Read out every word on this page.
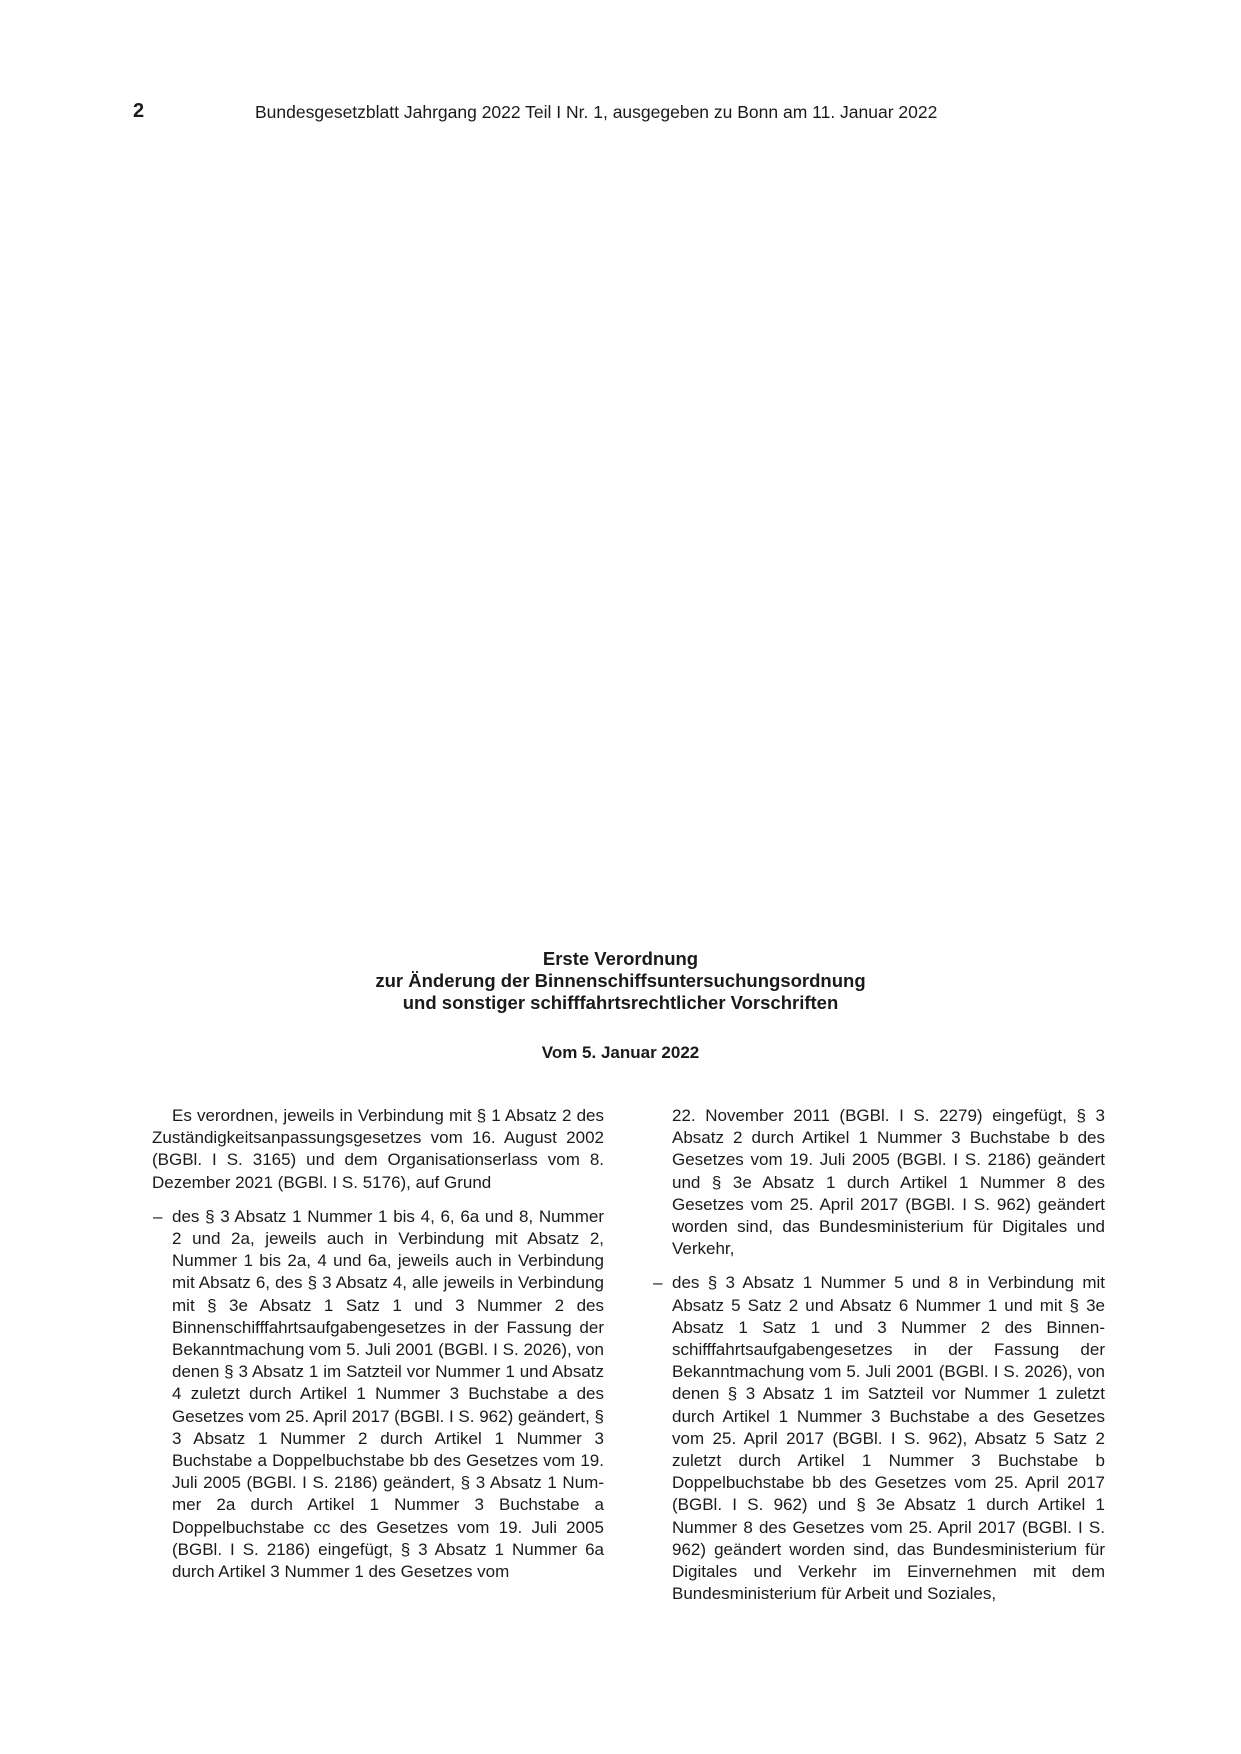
2	Bundesgesetzblatt Jahrgang 2022 Teil I Nr. 1, ausgegeben zu Bonn am 11. Januar 2022
Erste Verordnung
zur Änderung der Binnenschiffsuntersuchungsordnung
und sonstiger schifffahrtsrechtlicher Vorschriften
Vom 5. Januar 2022

Es verordnen, jeweils in Verbindung mit § 1 Absatz 2 des Zuständigkeitsanpassungsgesetzes vom 16. August 2002 (BGBl. I S. 3165) und dem Organisationserlass vom 8. Dezember 2021 (BGBl. I S. 5176), auf Grund

– des § 3 Absatz 1 Nummer 1 bis 4, 6, 6a und 8, Nummer 2 und 2a, jeweils auch in Verbindung mit Absatz 2, Nummer 1 bis 2a, 4 und 6a, jeweils auch in Verbindung mit Absatz 6, des § 3 Absatz 4, alle jeweils in Verbindung mit § 3e Absatz 1 Satz 1 und 3 Nummer 2 des Binnenschifffahrtsaufgabengesetzes in der Fassung der Bekanntmachung vom 5. Juli 2001 (BGBl. I S. 2026), von denen § 3 Absatz 1 im Satzteil vor Nummer 1 und Absatz 4 zuletzt durch Artikel 1 Nummer 3 Buchstabe a des Gesetzes vom 25. April 2017 (BGBl. I S. 962) geändert, § 3 Absatz 1 Nummer 2 durch Artikel 1 Nummer 3 Buchstabe a Doppelbuchstabe bb des Gesetzes vom 19. Juli 2005 (BGBl. I S. 2186) geändert, § 3 Absatz 1 Nummer 2a durch Artikel 1 Nummer 3 Buchstabe a Doppelbuchstabe cc des Gesetzes vom 19. Juli 2005 (BGBl. I S. 2186) eingefügt, § 3 Absatz 1 Nummer 6a durch Artikel 3 Nummer 1 des Gesetzes vom

22. November 2011 (BGBl. I S. 2279) eingefügt, § 3 Absatz 2 durch Artikel 1 Nummer 3 Buchstabe b des Gesetzes vom 19. Juli 2005 (BGBl. I S. 2186) geändert und § 3e Absatz 1 durch Artikel 1 Nummer 8 des Gesetzes vom 25. April 2017 (BGBl. I S. 962) geändert worden sind, das Bundesministerium für Digitales und Verkehr,

– des § 3 Absatz 1 Nummer 5 und 8 in Verbindung mit Absatz 5 Satz 2 und Absatz 6 Nummer 1 und mit § 3e Absatz 1 Satz 1 und 3 Nummer 2 des Binnenschifffahrtsaufgabengesetzes in der Fassung der Bekanntmachung vom 5. Juli 2001 (BGBl. I S. 2026), von denen § 3 Absatz 1 im Satzteil vor Nummer 1 zuletzt durch Artikel 1 Nummer 3 Buchstabe a des Gesetzes vom 25. April 2017 (BGBl. I S. 962), Absatz 5 Satz 2 zuletzt durch Artikel 1 Nummer 3 Buchstabe b Doppelbuchstabe bb des Gesetzes vom 25. April 2017 (BGBl. I S. 962) und § 3e Absatz 1 durch Artikel 1 Nummer 8 des Gesetzes vom 25. April 2017 (BGBl. I S. 962) geändert worden sind, das Bundesministerium für Digitales und Verkehr im Einvernehmen mit dem Bundesministerium für Arbeit und Soziales,
